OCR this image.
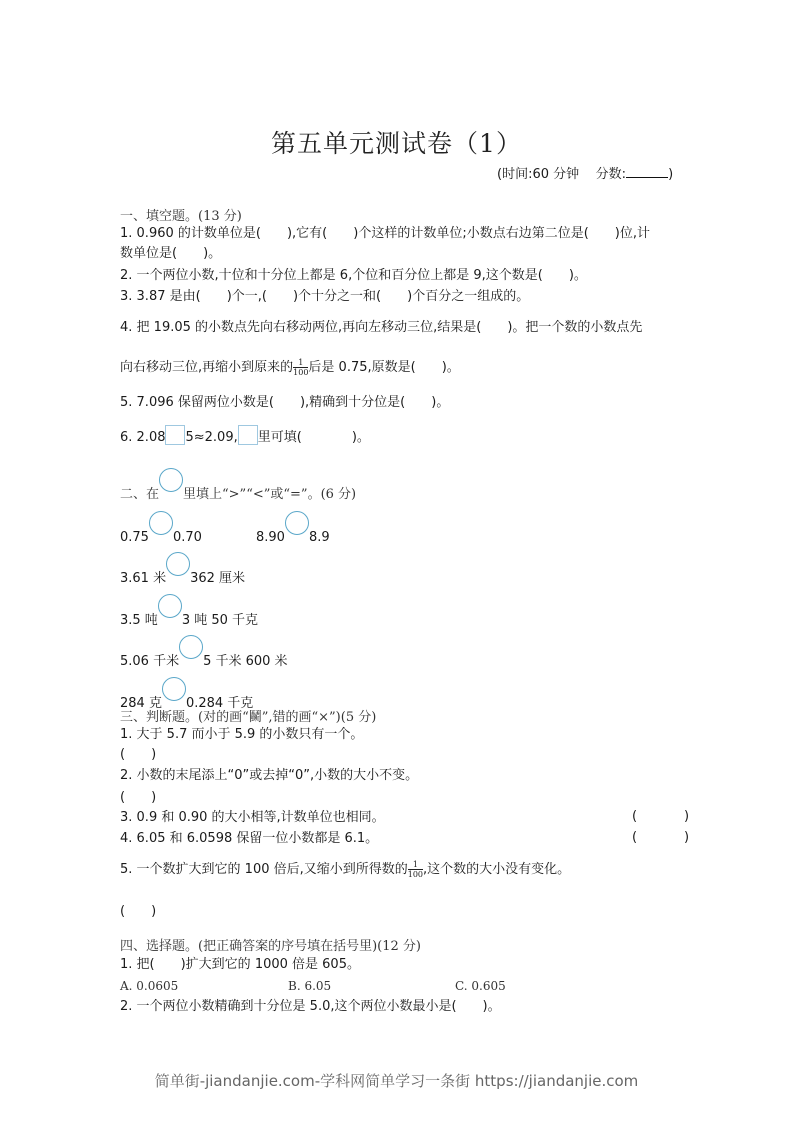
第五单元测试卷（1）
(时间:60 分钟 分数:	)
一、填空题。(13 分)
1. 0.960 的计数单位是( ),它有( )个这样的计数单位;小数点右边第二位是( )位,计
数单位是( )。
2. 一个两位小数,十位和十分位上都是 6,个位和百分位上都是 9,这个数是( )。
3. 3.87 是由( )个一,( )个十分之一和( )个百分之一组成的。
4. 把 19.05 的小数点先向右移动两位,再向左移动三位,结果是( )。把一个数的小数点先
向右移动三位,再缩小到原来的 $\frac{1}{100}$ 后是 0.75,原数是( )。
5. 7.096 保留两位小数是( ),精确到十分位是( )。
6. 2.08 5≈2.09, 里可填(	)。
二、在 里填上“>”“<”或“=”。(6 分)
0.75 0.70	8.90 8.9
3.61 米 362 厘米
3.5 吨 3 吨 50 千克
5.06 千米 5 千米 600 米
284 克 0.284 千克
三、判断题。(对的画“鬭”,错的画“×”)(5 分)
1. 大于 5.7 而小于 5.9 的小数只有一个。
( )
2. 小数的末尾添上“0”或去掉“0”,小数的大小不变。
( )
3. 0.9 和 0.90 的大小相等,计数单位也相同。	(	)
4. 6.05 和 6.0598 保留一位小数都是 6.1。	(	)
5. 一个数扩大到它的 100 倍后,又缩小到所得数的 $\frac{1}{100}$ ,这个数的大小没有变化。
( )
四、选择题。(把正确答案的序号填在括号里)(12 分)
1. 把( )扩大到它的 1000 倍是 605。
A. 0.0605	B. 6.05	C. 0.605
2. 一个两位小数精确到十分位是 5.0,这个两位小数最小是( )。
简单街-jiandanjie.com-学科网简单学习一条街 https://jiandanjie.com
